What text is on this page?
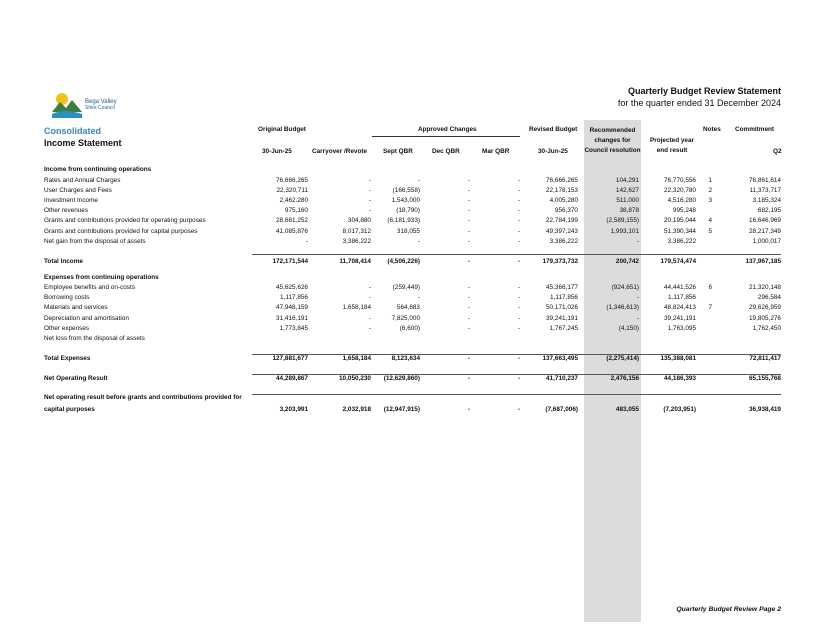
Bega Valley
Shire Council
Quarterly Budget Review Statement
for the quarter ended 31 December 2024
Consolidated
Income Statement
Original Budget	Approved Changes	Revised Budget	Recommended
changes for
Council resolution
Projected year
end result
Notes Commitment
30-Jun-25	Carryover /Revote Sept QBR	Dec QBR	Mar QBR	30-Jun-25	Q2
Income from continuing operations
Rates and Annual Charges	76,666,265	-	-	-	-	76,666,265	104,291	76,770,556 1	76,861,614
User Charges and Fees	22,320,711	-	(166,558)	-	-	22,178,153	142,627	22,320,780 2	11,373,717
Investment Income	2,462,280	-	1,543,000	-	-	4,005,280	511,000	4,516,280 3	3,185,324
Other revenues	975,160	-	(18,790)	-	-	956,370	38,878	995,248	682,195
Grants and contributions provided for operating purposes	28,661,252	304,880	(6,181,933)	-	-	22,784,199	(2,589,155)	20,195,044 4	16,646,969
Grants and contributions provided for capital purposes	41,085,876	8,017,312	318,055	-	-	49,397,243	1,993,101	51,390,344 5	28,217,349
Net gain from the disposal of assets	-	3,386,222	-	-	-	3,386,222	-	3,386,222	1,000,017
Total Income	172,171,544	11,708,414	(4,506,226)	-	-	179,373,732	200,742	179,574,474	137,967,185
Expenses from continuing operations
Employee benefits and on-costs	45,625,626	-	(259,449)	-	-	45,366,177	(924,651)	44,441,526 6	21,320,148
Borrowing costs	1,117,856	-	-	-	-	1,117,856	-	1,117,856	296,584
Materials and services	47,948,159	1,658,184	564,683	-	-	50,171,026	(1,346,613)	48,824,413 7	29,626,959
Depreciation and amortisation	31,416,191	-	7,825,000	-	-	39,241,191	-	39,241,191	19,805,276
Other expenses	1,773,845	-	(6,600)	-	-	1,767,245	(4,150)	1,763,095	1,762,450
Net loss from the disposal of assets
Total Expenses	127,881,677	1,658,184	8,123,634	-	-	137,663,495	(2,275,414)	135,388,081	72,811,417
Net Operating Result	44,289,867	10,050,230 (12,629,860)	-	-	41,710,237	2,476,156	44,186,393	65,155,768
Net operating result before grants and contributions provided for
capital purposes	3,203,991	2,032,918 (12,947,915)	-	-	(7,687,006)	483,055	(7,203,951)	36,938,419
Quarterly Budget Review Page 2
